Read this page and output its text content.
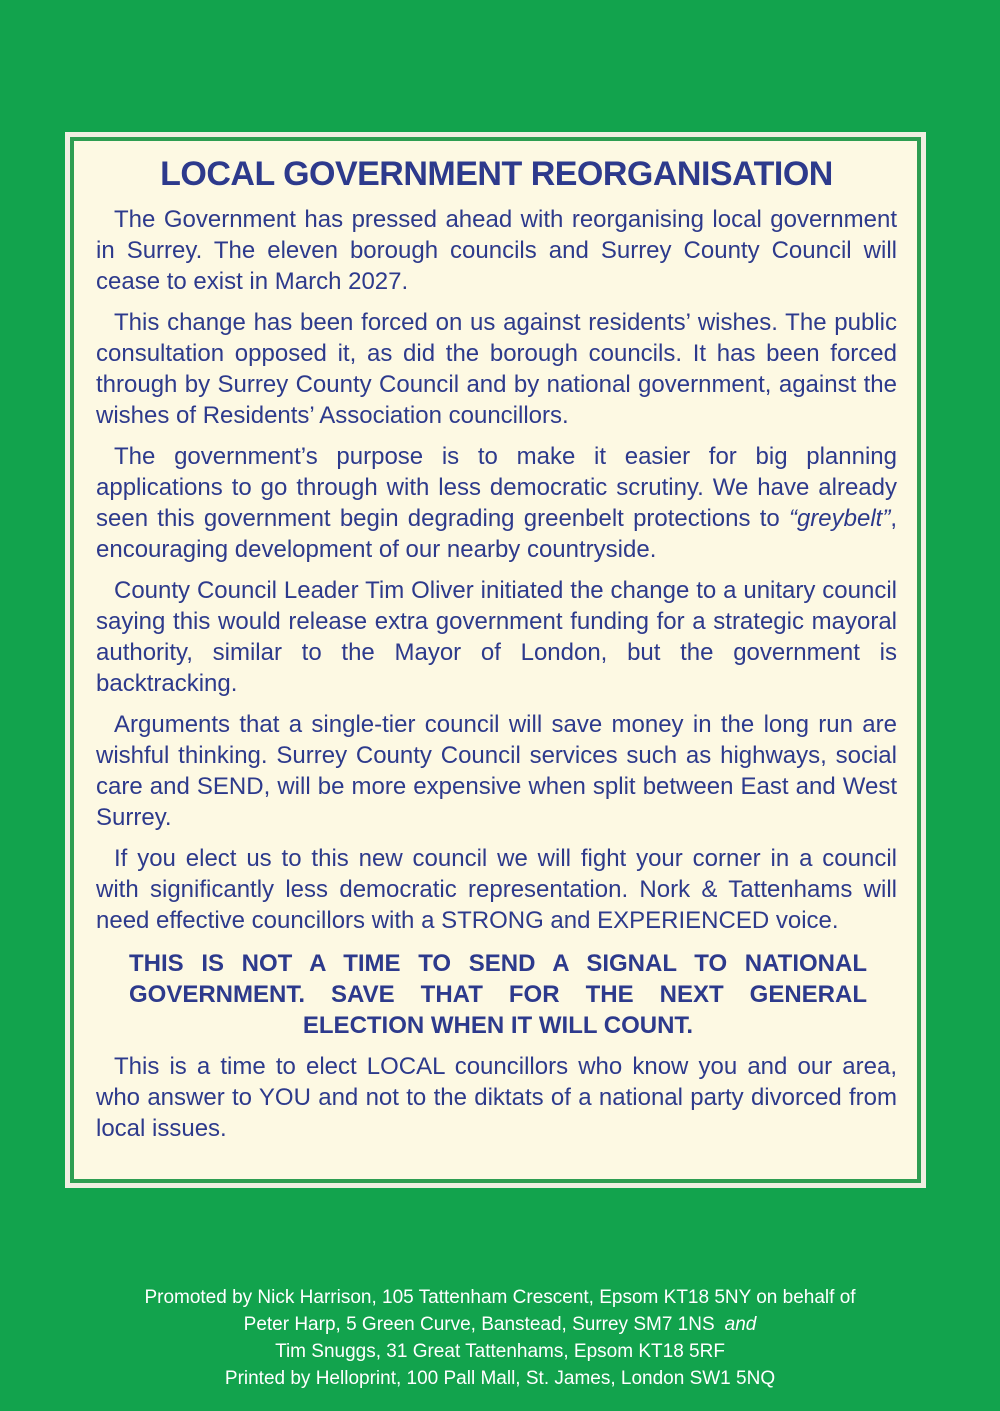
LOCAL GOVERNMENT REORGANISATION

The Government has pressed ahead with reorganising local government in Surrey. The eleven borough councils and Surrey County Council will cease to exist in March 2027.

This change has been forced on us against residents’ wishes. The public consultation opposed it, as did the borough councils. It has been forced through by Surrey County Council and by national government, against the wishes of Residents’ Association councillors.

The government’s purpose is to make it easier for big planning applications to go through with less democratic scrutiny. We have already seen this government begin degrading greenbelt protections to “greybelt”, encouraging development of our nearby countryside.

County Council Leader Tim Oliver initiated the change to a unitary council saying this would release extra government funding for a strategic mayoral authority, similar to the Mayor of London, but the government is backtracking.

Arguments that a single-tier council will save money in the long run are wishful thinking. Surrey County Council services such as highways, social care and SEND, will be more expensive when split between East and West Surrey.

If you elect us to this new council we will fight your corner in a council with significantly less democratic representation. Nork & Tattenhams will need effective councillors with a STRONG and EXPERIENCED voice.

THIS IS NOT A TIME TO SEND A SIGNAL TO NATIONAL GOVERNMENT. SAVE THAT FOR THE NEXT GENERAL ELECTION WHEN IT WILL COUNT.

This is a time to elect LOCAL councillors who know you and our area, who answer to YOU and not to the diktats of a national party divorced from local issues.

Promoted by Nick Harrison, 105 Tattenham Crescent, Epsom KT18 5NY on behalf of

Peter Harp, 5 Green Curve, Banstead, Surrey SM7 1NS and

Tim Snuggs, 31 Great Tattenhams, Epsom KT18 5RF

Printed by Helloprint, 100 Pall Mall, St. James, London SW1 5NQ
